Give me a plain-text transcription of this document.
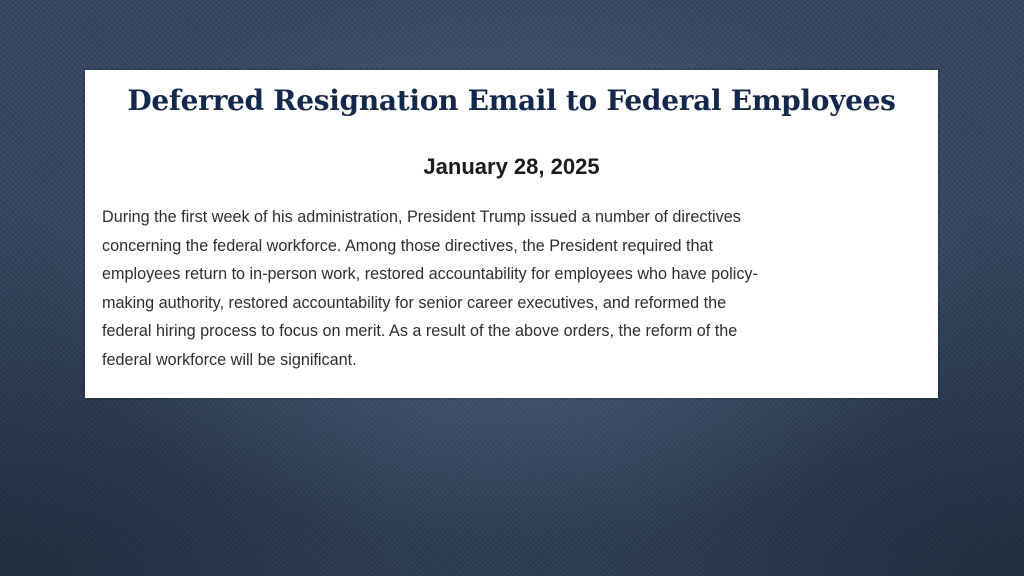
Deferred Resignation Email to Federal Employees
January 28, 2025

During the first week of his administration, President Trump issued a number of directives
concerning the federal workforce. Among those directives, the President required that
employees return to in-person work, restored accountability for employees who have policy-
making authority, restored accountability for senior career executives, and reformed the
federal hiring process to focus on merit. As a result of the above orders, the reform of the
federal workforce will be significant.
